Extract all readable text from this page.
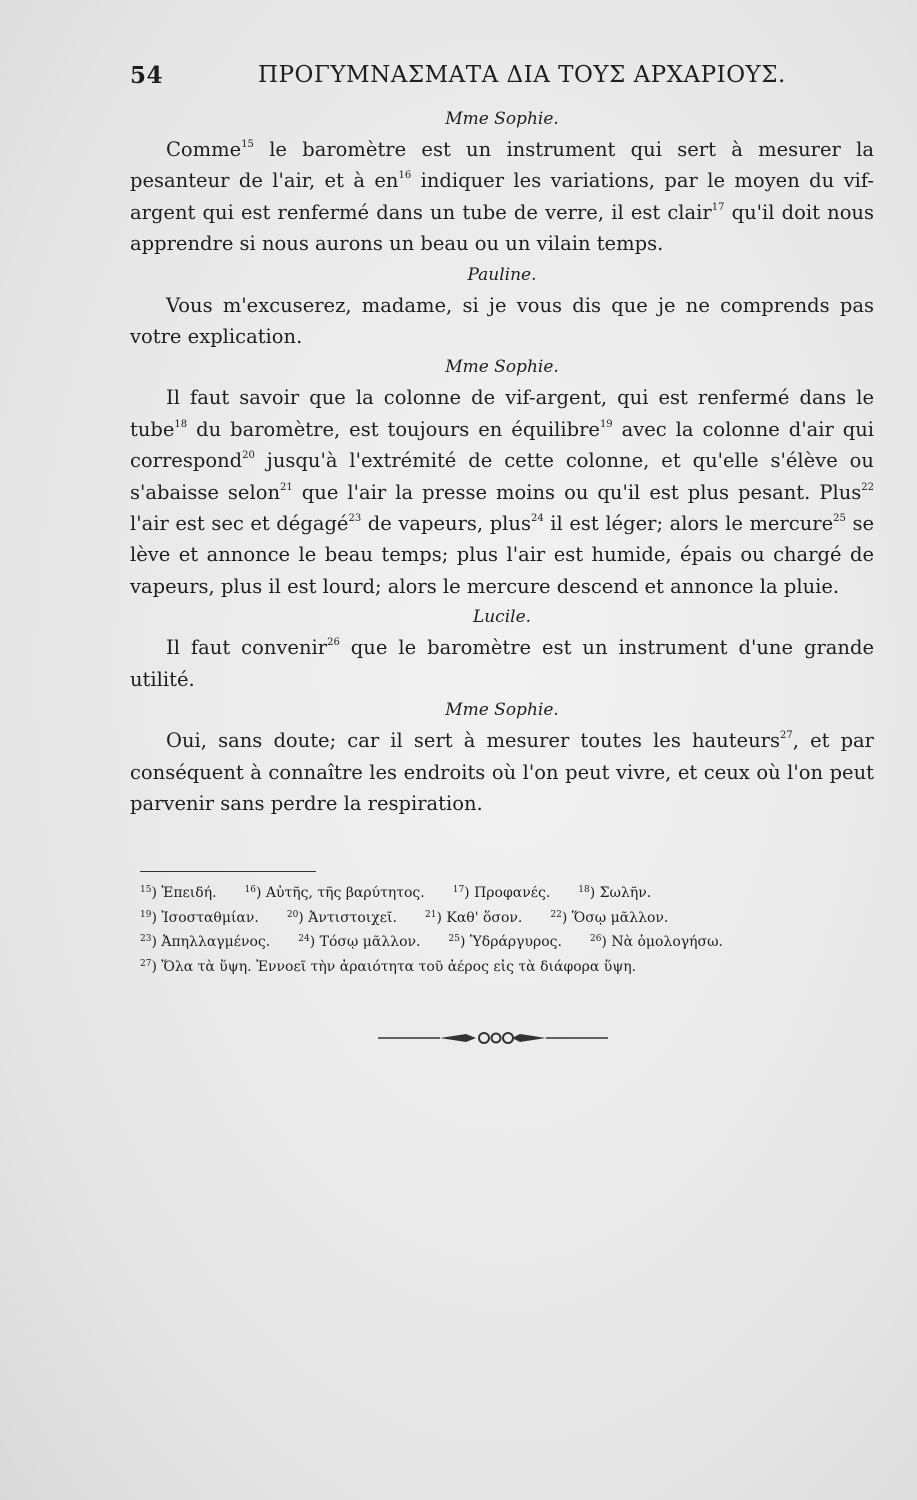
54	ΠΡΟΓΥΜΝΑΣΜΑΤΑ ΔΙΑ ΤΟΥΣ ΑΡΧΑΡΙΟΥΣ.

Mme Sophie.

Comme$^{15}$ le baromètre est un instrument qui sert à mesurer la pesanteur de l'air, et à $en^{16}$ indiquer les variations, par le moyen du vif-argent qui est renfermé dans un tube de verre, il est clair$^{17}$ qu'il doit nous apprendre si nous aurons un beau ou un vilain temps.

Pauline.

Vous m'excuserez, madame, si je vous dis que je ne comprends pas votre explication.

Mme Sophie.

Il faut savoir que la colonne de vif-argent, qui est renfermé dans le tube$^{18}$ du baromètre, est toujours en équilibre$^{19}$ avec la colonne d'air qui correspond$^{20}$ jusqu'à l'extrémité de cette colonne, et qu'elle s'élève ou s'abaisse selon$^{21}$ que l'air la presse moins ou qu'il est plus pesant. Plus$^{22}$ l'air est sec et dégagé$^{23}$ de vapeurs, plus$^{24}$ il est léger; alors le mercure$^{25}$ se lève et annonce le beau temps; plus l'air est humide, épais ou chargé de vapeurs, plus il est lourd; alors le mercure descend et annonce la pluie.

Lucile.

Il faut convenir$^{26}$ que le baromètre est un instrument d'une grande utilité.

Mme Sophie.

Oui, sans doute; car il sert à mesurer toutes les hauteurs$^{27}$, et par conséquent à connaître les endroits où l'on peut vivre, et ceux où l'on peut parvenir sans perdre la respiration.

$^{15}$) Ἐπειδή.  	$^{16}$) Αὐτῆς, τῆς βαρύτητος.  	$^{17}$) Προφανές.  	$^{18}$) Σωλῆν.
$^{19}$) Ἰσοσταθμίαν.  	$^{20}$) Ἀντιστοιχεῖ.  	$^{21}$) Καθ' ὅσον.  	$^{22}$) Ὅσῳ μᾶλλον.
$^{23}$) Ἀπηλλαγμένος.  	$^{24}$) Τόσῳ μᾶλλον.  	$^{25}$) Ὑδράργυρος.  	$^{26}$) Νὰ ὁμολογήσω.
$^{27}$) Ὅλα τὰ ὕψη. Ἐννοεῖ τὴν ἀραιότητα τοῦ ἀέρος εἰς τὰ διάφορα ὕψη.
